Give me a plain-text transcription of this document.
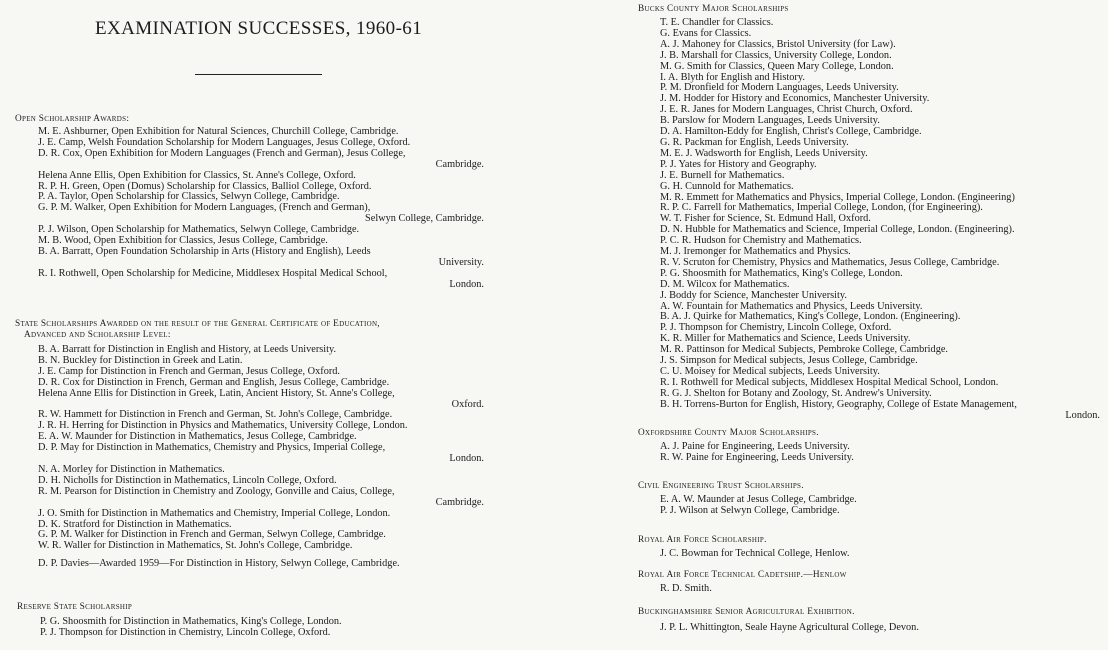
EXAMINATION SUCCESSES, 1960-61
Open Scholarship Awards:
M. E. Ashburner, Open Exhibition for Natural Sciences, Churchill College, Cambridge.
J. E. Camp, Welsh Foundation Scholarship for Modern Languages, Jesus College, Oxford.
D. R. Cox, Open Exhibition for Modern Languages (French and German), Jesus College,
Cambridge.
Helena Anne Ellis, Open Exhibition for Classics, St. Anne's College, Oxford.
R. P. H. Green, Open (Domus) Scholarship for Classics, Balliol College, Oxford.
P. A. Taylor, Open Scholarship for Classics, Selwyn College, Cambridge.
G. P. M. Walker, Open Exhibition for Modern Languages, (French and German),
Selwyn College, Cambridge.
P. J. Wilson, Open Scholarship for Mathematics, Selwyn College, Cambridge.
M. B. Wood, Open Exhibition for Classics, Jesus College, Cambridge.
B. A. Barratt, Open Foundation Scholarship in Arts (History and English), Leeds
University.
R. I. Rothwell, Open Scholarship for Medicine, Middlesex Hospital Medical School,
London.
State Scholarships Awarded on the result of the General Certificate of Education,
Advanced and Scholarship Level:
B. A. Barratt for Distinction in English and History, at Leeds University.
B. N. Buckley for Distinction in Greek and Latin.
J. E. Camp for Distinction in French and German, Jesus College, Oxford.
D. R. Cox for Distinction in French, German and English, Jesus College, Cambridge.
Helena Anne Ellis for Distinction in Greek, Latin, Ancient History, St. Anne's College,
Oxford.
R. W. Hammett for Distinction in French and German, St. John's College, Cambridge.
J. R. H. Herring for Distinction in Physics and Mathematics, University College, London.
E. A. W. Maunder for Distinction in Mathematics, Jesus College, Cambridge.
D. P. May for Distinction in Mathematics, Chemistry and Physics, Imperial College,
London.
N. A. Morley for Distinction in Mathematics.
D. H. Nicholls for Distinction in Mathematics, Lincoln College, Oxford.
R. M. Pearson for Distinction in Chemistry and Zoology, Gonville and Caius, College,
Cambridge.
J. O. Smith for Distinction in Mathematics and Chemistry, Imperial College, London.
D. K. Stratford for Distinction in Mathematics.
G. P. M. Walker for Distinction in French and German, Selwyn College, Cambridge.
W. R. Waller for Distinction in Mathematics, St. John's College, Cambridge.
D. P. Davies—Awarded 1959—For Distinction in History, Selwyn College, Cambridge.
Reserve State Scholarship
P. G. Shoosmith for Distinction in Mathematics, King's College, London.
P. J. Thompson for Distinction in Chemistry, Lincoln College, Oxford.
Bucks County Major Scholarships
T. E. Chandler for Classics.
G. Evans for Classics.
A. J. Mahoney for Classics, Bristol University (for Law).
J. B. Marshall for Classics, University College, London.
M. G. Smith for Classics, Queen Mary College, London.
I. A. Blyth for English and History.
P. M. Dronfield for Modern Languages, Leeds University.
J. M. Hodder for History and Economics, Manchester University.
J. E. R. Janes for Modern Languages, Christ Church, Oxford.
B. Parslow for Modern Languages, Leeds University.
D. A. Hamilton-Eddy for English, Christ's College, Cambridge.
G. R. Packman for English, Leeds University.
M. E. J. Wadsworth for English, Leeds University.
P. J. Yates for History and Geography.
J. E. Burnell for Mathematics.
G. H. Cunnold for Mathematics.
M. R. Emmett for Mathematics and Physics, Imperial College, London. (Engineering)
R. P. C. Farrell for Mathematics, Imperial College, London, (for Engineering).
W. T. Fisher for Science, St. Edmund Hall, Oxford.
D. N. Hubble for Mathematics and Science, Imperial College, London. (Engineering).
P. C. R. Hudson for Chemistry and Mathematics.
M. J. Iremonger for Mathematics and Physics.
R. V. Scruton for Chemistry, Physics and Mathematics, Jesus College, Cambridge.
P. G. Shoosmith for Mathematics, King's College, London.
D. M. Wilcox for Mathematics.
J. Boddy for Science, Manchester University.
A. W. Fountain for Mathematics and Physics, Leeds University.
B. A. J. Quirke for Mathematics, King's College, London. (Engineering).
P. J. Thompson for Chemistry, Lincoln College, Oxford.
K. R. Miller for Mathematics and Science, Leeds University.
M. R. Pattinson for Medical Subjects, Pembroke College, Cambridge.
J. S. Simpson for Medical subjects, Jesus College, Cambridge.
C. U. Moisey for Medical subjects, Leeds University.
R. I. Rothwell for Medical subjects, Middlesex Hospital Medical School, London.
R. G. J. Shelton for Botany and Zoology, St. Andrew's University.
B. H. Torrens-Burton for English, History, Geography, College of Estate Management,
London.
Oxfordshire County Major Scholarships.
A. J. Paine for Engineering, Leeds University.
R. W. Paine for Engineering, Leeds University.
Civil Engineering Trust Scholarships.
E. A. W. Maunder at Jesus College, Cambridge.
P. J. Wilson at Selwyn College, Cambridge.
Royal Air Force Scholarship.
J. C. Bowman for Technical College, Henlow.
Royal Air Force Technical Cadetship.—Henlow
R. D. Smith.
Buckinghamshire Senior Agricultural Exhibition.
J. P. L. Whittington, Seale Hayne Agricultural College, Devon.
